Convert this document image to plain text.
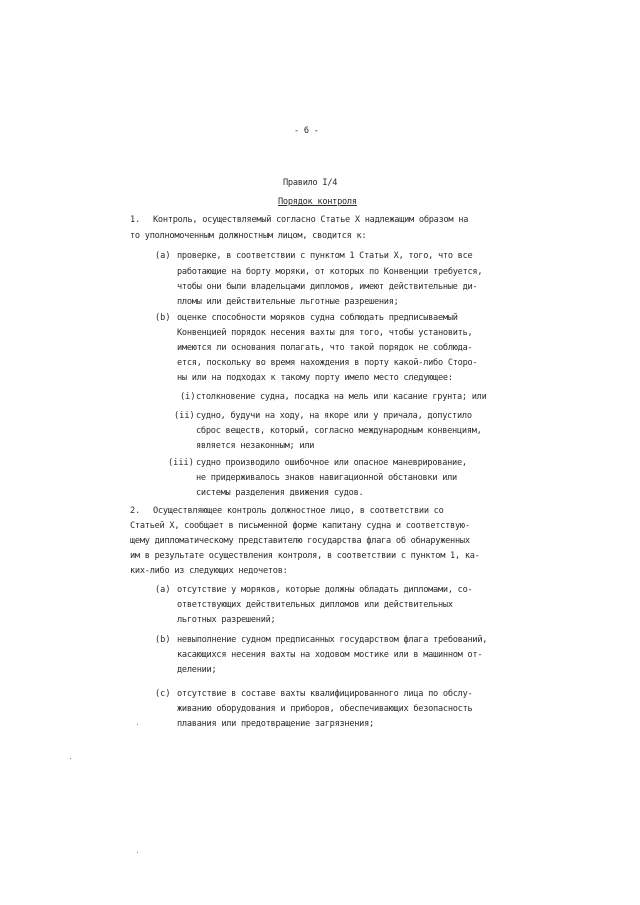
- 6 -
Правило I/4
Порядок контроля
1. Контроль, осуществляемый согласно Статье Х надлежащим образом на
то уполномоченным должностным лицом, сводится к:
(a) проверке, в соответствии с пунктом 1 Статьи Х, того, что все
работающие на борту моряки, от которых по Конвенции требуется,
чтобы они были владельцами дипломов, имеют действительные ди-
пломы или действительные льготные разрешения;
(b) оценке способности моряков судна соблюдать предписываемый
Конвенцией порядок несения вахты для того, чтобы установить,
имеются ли основания полагать, что такой порядок не соблюда-
ется, поскольку во время нахождения в порту какой-либо Сторо-
ны или на подходах к такому порту имело место следующее:
(i) столкновение судна, посадка на мель или касание грунта; или
(ii) судно, будучи на ходу, на якоре или у причала, допустило
сброс веществ, который, согласно международным конвенциям,
является незаконным; или
(iii) судно производило ошибочное или опасное маневрирование,
не придерживалось знаков навигационной обстановки или
системы разделения движения судов.
2. Осуществляющее контроль должностное лицо, в соответствии со
Статьей Х, сообщает в письменной форме капитану судна и соответствую-
щему дипломатическому представителю государства флага об обнаруженных
им в результате осуществления контроля, в соответствии с пунктом 1, ка-
ких-либо из следующих недочетов:
(a) отсутствие у моряков, которые должны обладать дипломами, со-
ответствующих действительных дипломов или действительных
льготных разрешений;
(b) невыполнение судном предписанных государством флага требований,
касающихся несения вахты на ходовом мостике или в машинном от-
делении;
(c) отсутствие в составе вахты квалифицированного лица по обслу-
живанию оборудования и приборов, обеспечивающих безопасность
плавания или предотвращение загрязнения;
